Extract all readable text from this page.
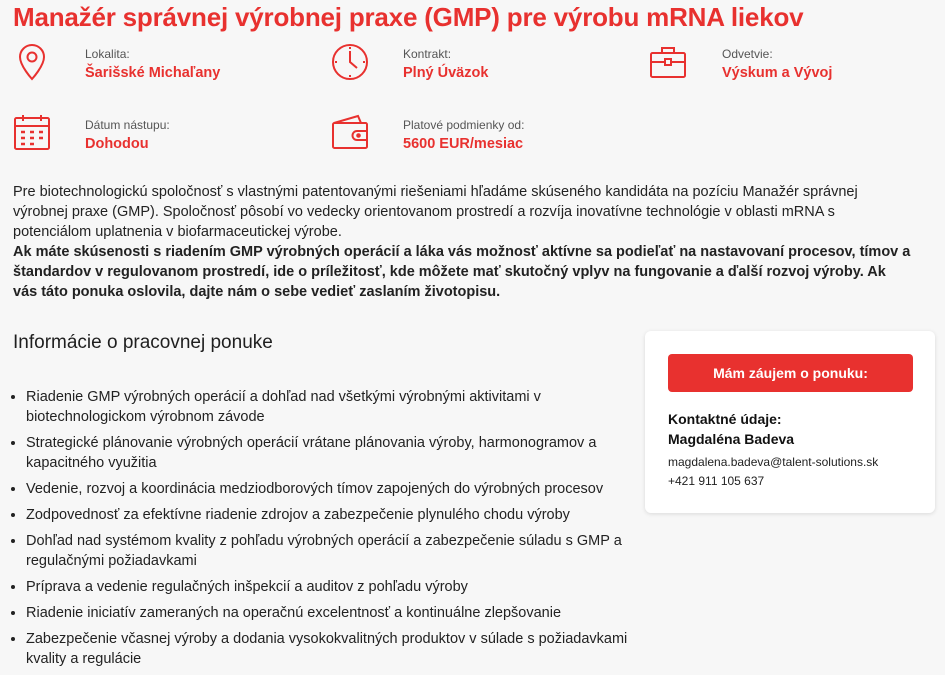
Manažér správnej výrobnej praxe (GMP) pre výrobu mRNA liekov
Lokalita:
Šarišské Michaľany
Kontrakt:
Plný Úväzok
Odvetvie:
Výskum a Vývoj
Dátum nástupu:
Dohodou
Platové podmienky od:
5600 EUR/mesiac
Pre biotechnologickú spoločnosť s vlastnými patentovanými riešeniami hľadáme skúseného kandidáta na pozíciu Manažér správnej výrobnej praxe (GMP). Spoločnosť pôsobí vo vedecky orientovanom prostredí a rozvíja inovatívne technológie v oblasti mRNA s potenciálom uplatnenia v biofarmaceutickej výrobe.
Ak máte skúsenosti s riadením GMP výrobných operácií a láka vás možnosť aktívne sa podieľať na nastavovaní procesov, tímov a štandardov v regulovanom prostredí, ide o príležitosť, kde môžete mať skutočný vplyv na fungovanie a ďalší rozvoj výroby. Ak vás táto ponuka oslovila, dajte nám o sebe vedieť zaslaním životopisu.
Informácie o pracovnej ponuke
• Riadenie GMP výrobných operácií a dohľad nad všetkými výrobnými aktivitami v biotechnologickom výrobnom závode
• Strategické plánovanie výrobných operácií vrátane plánovania výroby, harmonogramov a kapacitného využitia
• Vedenie, rozvoj a koordinácia medziodborových tímov zapojených do výrobných procesov
• Zodpovednosť za efektívne riadenie zdrojov a zabezpečenie plynulého chodu výroby
• Dohľad nad systémom kvality z pohľadu výrobných operácií a zabezpečenie súladu s GMP a regulačnými požiadavkami
• Príprava a vedenie regulačných inšpekcií a auditov z pohľadu výroby
• Riadenie iniciatív zameraných na operačnú excelentnosť a kontinuálne zlepšovanie
• Zabezpečenie včasnej výroby a dodania vysokokvalitných produktov v súlade s požiadavkami kvality a regulácie
Mám záujem o ponuku:
Kontaktné údaje:
Magdaléna Badeva
magdalena.badeva@talent-solutions.sk
+421 911 105 637
